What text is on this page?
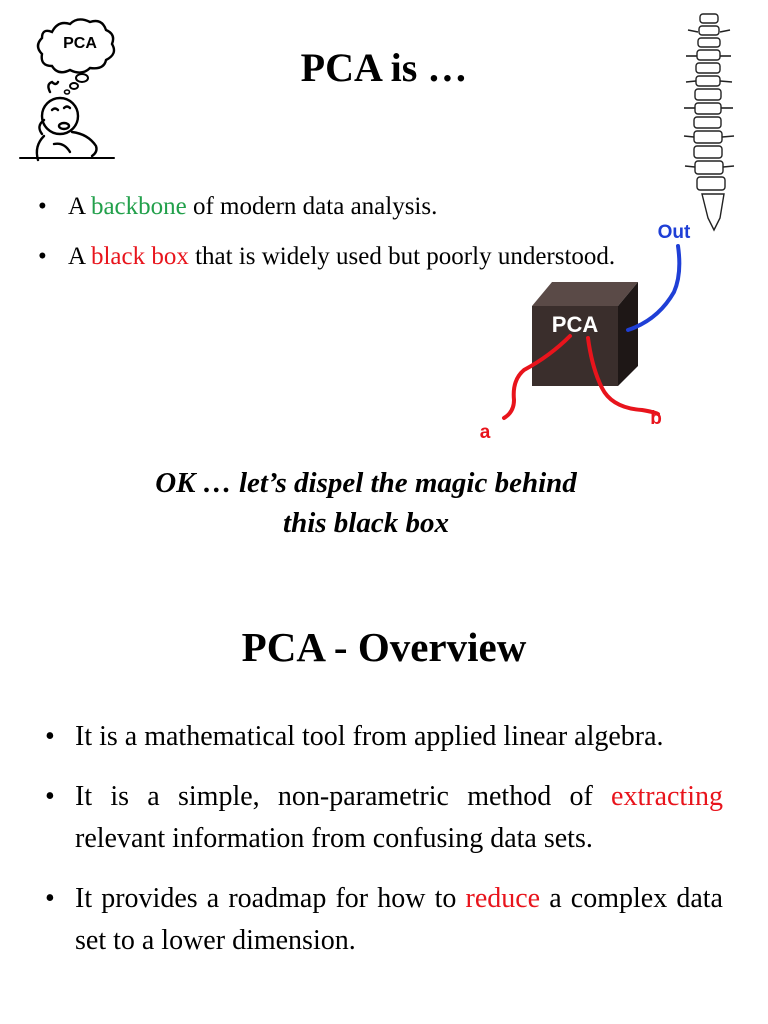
PCA
PCA is …
• A backbone of modern data analysis.
• A black box that is widely used but poorly understood.
PCA
Out
a
b
OK … let’s dispel the magic behind
this black box
PCA - Overview
• It is a mathematical tool from applied linear algebra.
• It is a simple, non-parametric method of extracting relevant information from confusing data sets.
• It provides a roadmap for how to reduce a complex data set to a lower dimension.
